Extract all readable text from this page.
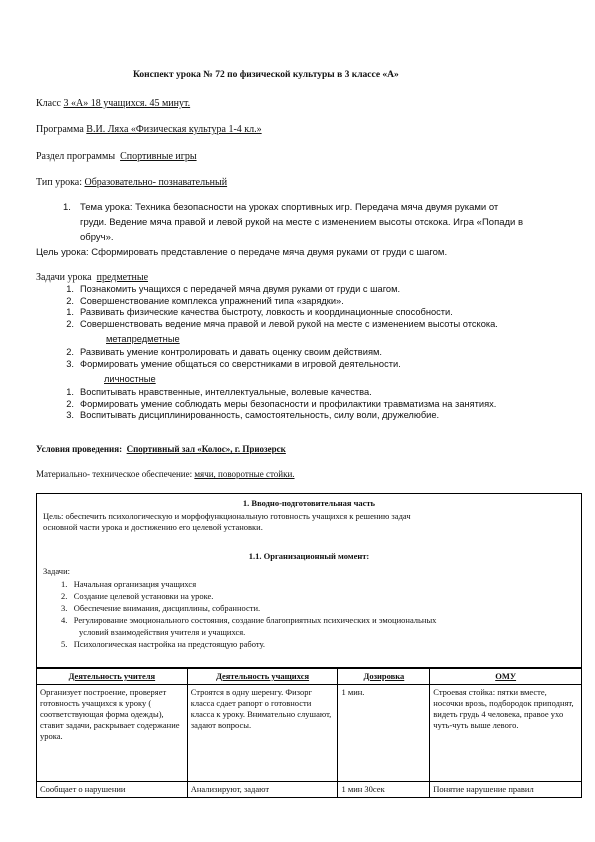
Конспект урока № 72 по физической культуры в 3 классе «А»
Класс 3 «А» 18 учащихся. 45 минут.
Программа В.И. Ляха «Физическая культура 1-4 кл.»
Раздел программы Спортивные игры
Тип урока: Образовательно- познавательный
1. Тема урока: Техника безопасности на уроках спортивных игр. Передача мяча двумя руками от
груди. Ведение мяча правой и левой рукой на месте с изменением высоты отскока. Игра «Попади в
обруч».
Цель урока: Сформировать представление о передаче мяча двумя руками от груди с шагом.
Задачи урока предметные
1. Познакомить учащихся с передачей мяча двумя руками от груди с шагом.
2. Совершенствование комплекса упражнений типа «зарядки».
1. Развивать физические качества быстроту, ловкость и координационные способности.
2. Совершенствовать ведение мяча правой и левой рукой на месте с изменением высоты отскока.
метапредметные
2. Развивать умение контролировать и давать оценку своим действиям.
3. Формировать умение общаться со сверстниками в игровой деятельности.
личностные
1. Воспитывать нравственные, интеллектуальные, волевые качества.
2. Формировать умение соблюдать меры безопасности и профилактики травматизма на занятиях.
3. Воспитывать дисциплинированность, самостоятельность, силу воли, дружелюбие.
Условия проведения: Спортивный зал «Колос», г. Приозерск
Материально- техническое обеспечение: мячи, поворотные стойки.
1. Вводно-подготовительная часть
Цель: обеспечить психологическую и морфофункциональную готовность учащихся к решению задач
основной части урока и достижению его целевой установки.
1.1. Организационный момент:
Задачи:
1. Начальная организация учащихся
2. Создание целевой установки на уроке.
3. Обеспечение внимания, дисциплины, собранности.
4. Регулирование эмоционального состояния, создание благоприятных психических и эмоциональных
условий взаимодействия учителя и учащихся.
5. Психологическая настройка на предстоящую работу.
Деятельность учителя	Деятельность учащихся	Дозировка	ОМУ
Организует построение, проверяет готовность учащихся к уроку ( соответствующая форма одежды), ставит задачи, раскрывает содержание урока.	Строятся в одну шеренгу. Физорг класса сдает рапорт о готовности класса к уроку. Внимательно слушают, задают вопросы.	1 мин.	Строевая стойка: пятки вместе, носочки врозь, подбородок приподнят, видеть грудь 4 человека, правое ухо чуть-чуть выше левого.
Сообщает о нарушении	Анализируют, задают	1 мин 30сек	Понятие нарушение правил
